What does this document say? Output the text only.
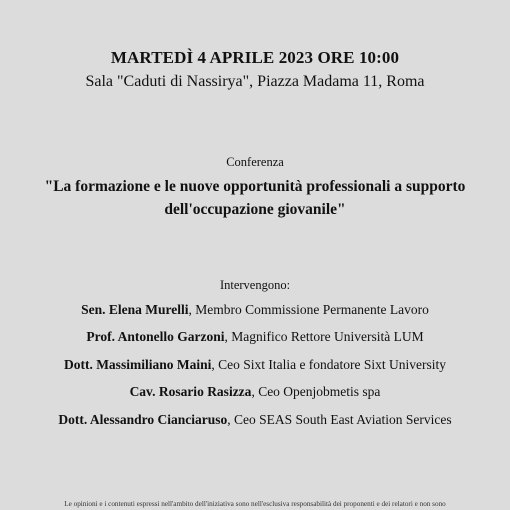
MARTEDÌ 4 APRILE 2023 ORE 10:00
Sala "Caduti di Nassirya", Piazza Madama 11, Roma
Conferenza
"La formazione e le nuove opportunità professionali a supporto
dell'occupazione giovanile"
Intervengono:
Sen. Elena Murelli, Membro Commissione Permanente Lavoro
Prof. Antonello Garzoni, Magnifico Rettore Università LUM
Dott. Massimiliano Maini, Ceo Sixt Italia e fondatore Sixt University
Cav. Rosario Rasizza, Ceo Openjobmetis spa
Dott. Alessandro Cianciaruso, Ceo SEAS South East Aviation Services
Le opinioni e i contenuti espressi nell'ambito dell'iniziativa sono nell'esclusiva responsabilità dei proponenti e dei relatori e non sono
